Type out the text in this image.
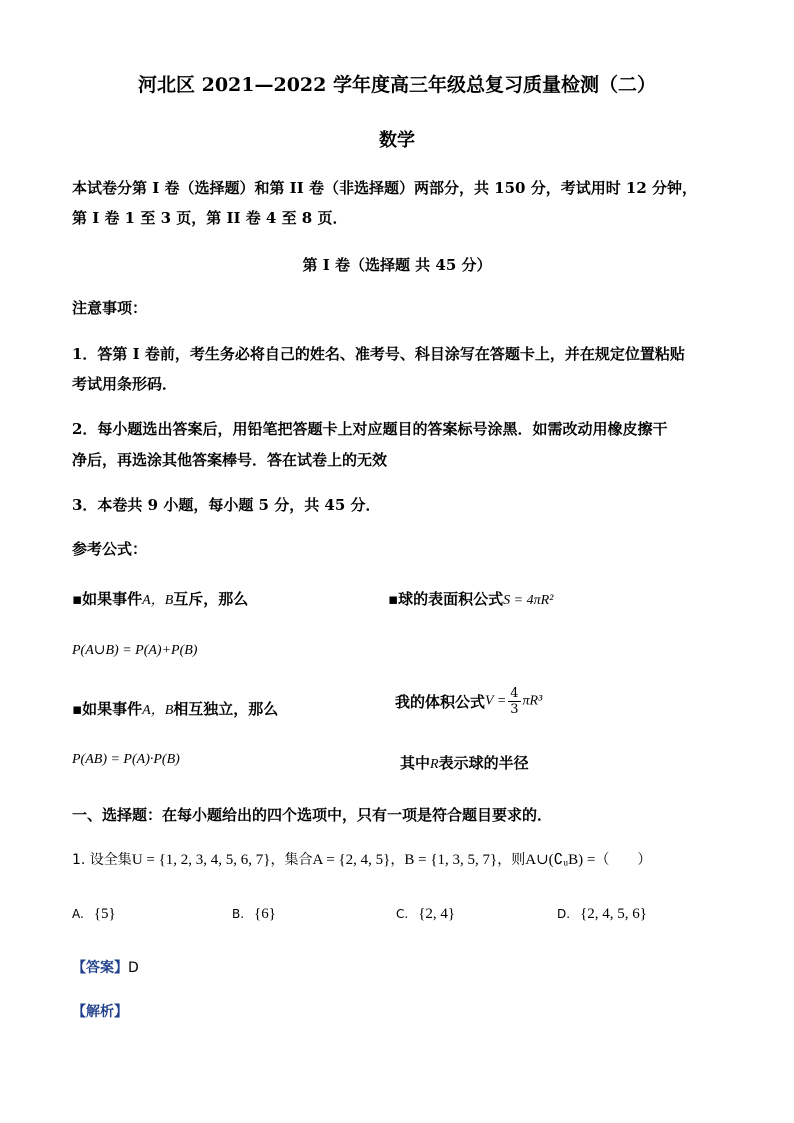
河北区 2021—2022 学年度高三年级总复习质量检测（二）
数学
本试卷分第 I 卷（选择题）和第 II 卷（非选择题）两部分，共 150 分，考试用时 12 分钟，
第 I 卷 1 至 3 页，第 II 卷 4 至 8 页．
第 I 卷（选择题 共 45 分）
注意事项：
1．答第 I 卷前，考生务必将自己的姓名、准考号、科目涂写在答题卡上，并在规定位置粘贴
考试用条形码．
2．每小题选出答案后，用铅笔把答题卡上对应题目的答案标号涂黑．如需改动用橡皮擦干
净后，再选涂其他答案棒号．答在试卷上的无效
3．本卷共 9 小题，每小题 5 分，共 45 分．
参考公式：
▪如果事件A，B互斥，那么	▪球的表面积公式S = 4πR²
P(A∪B) = P(A)+P(B)
▪如果事件A，B相互独立，那么	我的体积公式$V = \frac{4}{3} \pi R^3$
P(AB) = P(A)·P(B)	其中R表示球的半径
一、选择题：在每小题给出的四个选项中，只有一项是符合题目要求的．
1. 设全集U = {1, 2, 3, 4, 5, 6, 7}，集合A = {2, 4, 5}，B = {1, 3, 5, 7}，则A∪(∁ᵤB) =（　　）
A. {5}	B. {6}	C. {2, 4}	D. {2, 4, 5, 6}
【答案】D
【解析】
